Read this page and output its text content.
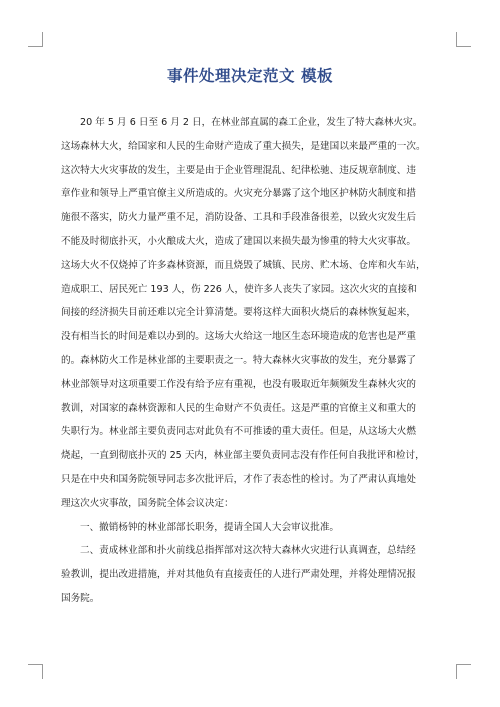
事件处理决定范文 模板
20 年 5 月 6 日至 6 月 2 日，在林业部直属的森工企业，发生了特大森林火灾。
这场森林大火，给国家和人民的生命财产造成了重大损失，是建国以来最严重的一次。
这次特大火灾事故的发生，主要是由于企业管理混乱、纪律松驰、违反规章制度、违
章作业和领导上严重官僚主义所造成的。火灾充分暴露了这个地区护林防火制度和措
施很不落实，防火力量严重不足，消防设备、工具和手段准备很差，以致火灾发生后
不能及时彻底扑灭，小火酿成大火，造成了建国以来损失最为惨重的特大火灾事故。
这场大火不仅烧掉了许多森林资源，而且烧毁了城镇、民房、贮木场、仓库和火车站，
造成职工、居民死亡 193 人，伤 226 人，使许多人丧失了家园。这次火灾的直接和
间接的经济损失目前还难以完全计算清楚。要将这样大面积火烧后的森林恢复起来，
没有相当长的时间是难以办到的。这场大火给这一地区生态环境造成的危害也是严重
的。森林防火工作是林业部的主要职责之一。特大森林火灾事故的发生，充分暴露了
林业部领导对这项重要工作没有给予应有重视，也没有吸取近年频频发生森林火灾的
教训，对国家的森林资源和人民的生命财产不负责任。这是严重的官僚主义和重大的
失职行为。林业部主要负责同志对此负有不可推诿的重大责任。但是，从这场大火燃
烧起，一直到彻底扑灭的 25 天内，林业部主要负责同志没有作任何自我批评和检讨，
只是在中央和国务院领导同志多次批评后，才作了表态性的检讨。为了严肃认真地处
理这次火灾事故，国务院全体会议决定：
一、撤销杨钟的林业部部长职务，提请全国人大会审议批准。
二、责成林业部和扑火前线总指挥部对这次特大森林火灾进行认真调查，总结经
验教训，提出改进措施，并对其他负有直接责任的人进行严肃处理，并将处理情况报
国务院。
